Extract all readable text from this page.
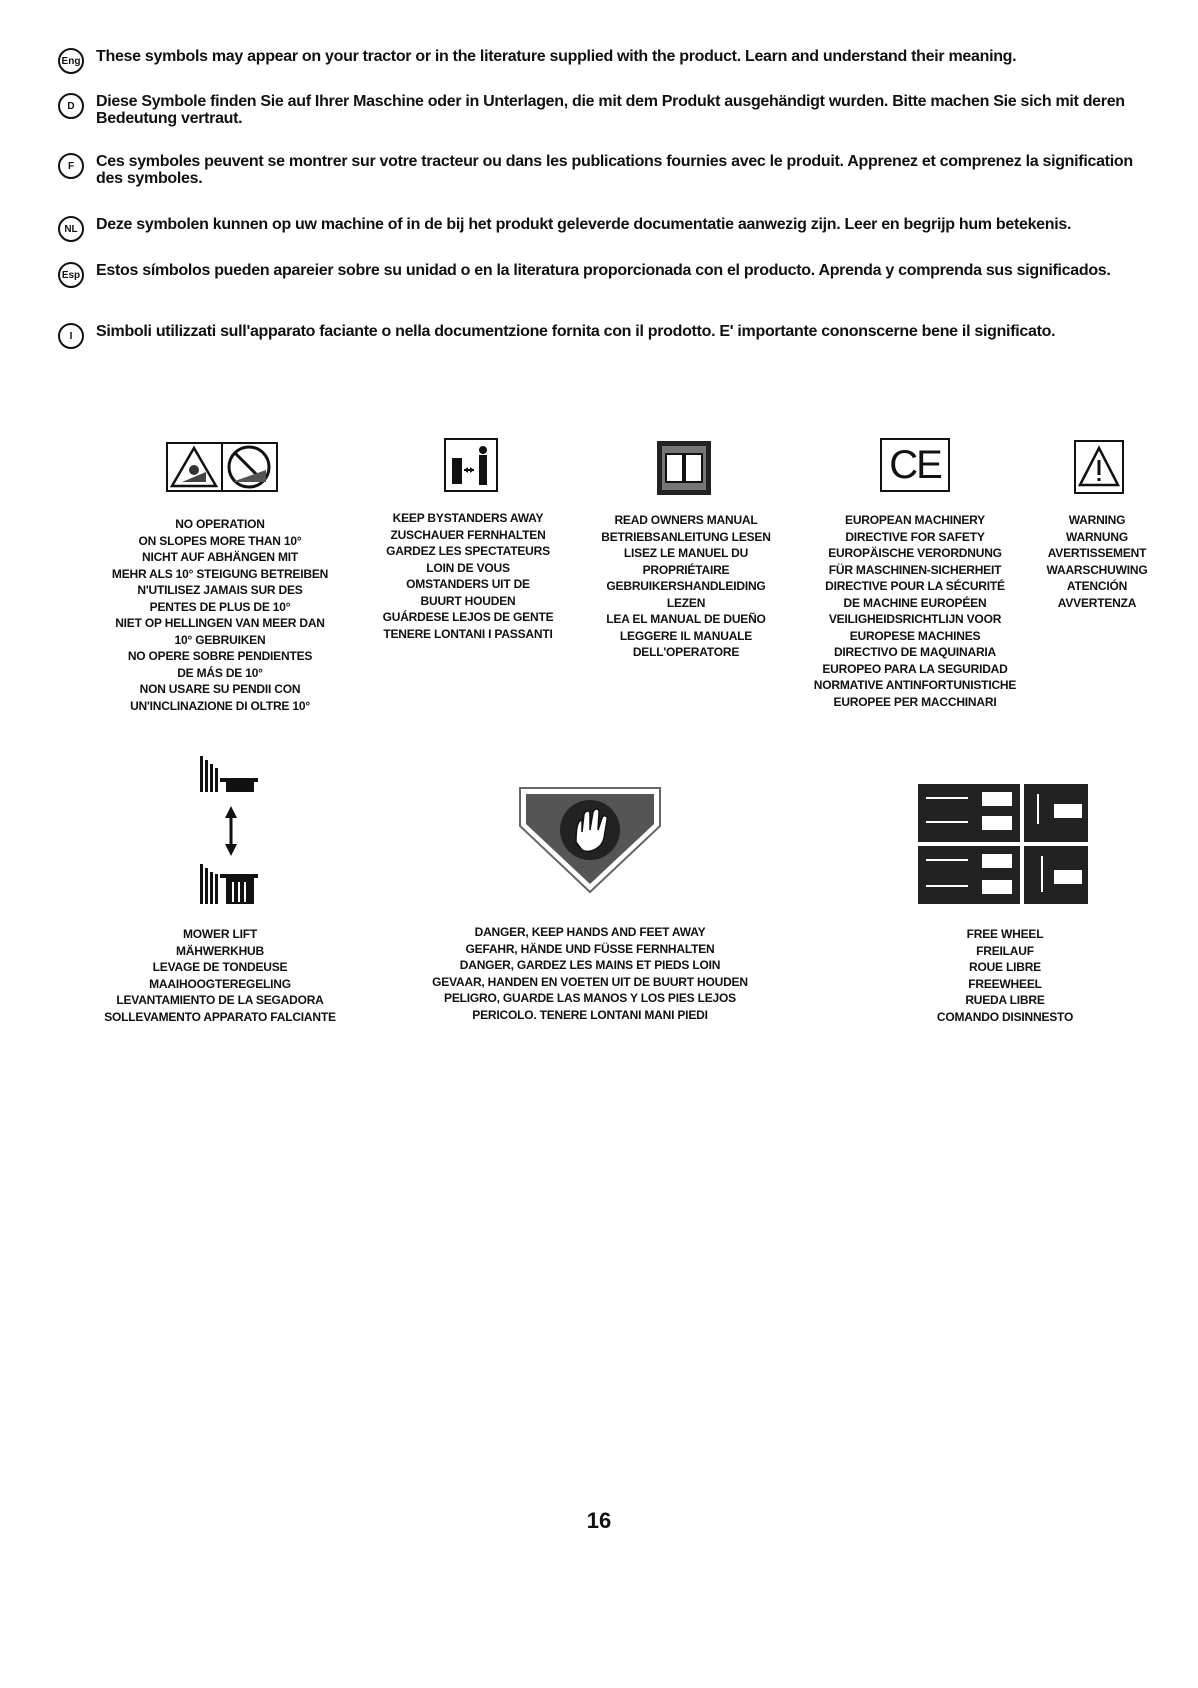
Eng These symbols may appear on your tractor or in the literature supplied with the product. Learn and understand their meaning.
D	Diese Symbole finden Sie auf Ihrer Maschine oder in Unterlagen, die mit dem Produkt ausgehändigt wurden. Bitte machen Sie sich mit deren Bedeutung vertraut.
F	Ces symboles peuvent se montrer sur votre tracteur ou dans les publications fournies avec le produit. Apprenez et comprenez la signification des symboles.
NL	Deze symbolen kunnen op uw machine of in de bij het produkt geleverde documentatie aanwezig zijn. Leer en begrijp hum betekenis.
Esp Estos símbolos pueden apareier sobre su unidad o en la literatura proporcionada con el producto. Aprenda y comprenda sus significados.
I	Simboli utilizzati sull'apparato faciante o nella documentzione fornita con il prodotto. E' importante cononscerne bene il significato.
CE
NO OPERATION
ON SLOPES MORE THAN 10°
NICHT AUF ABHÄNGEN MIT
MEHR ALS 10° STEIGUNG BETREIBEN
N'UTILISEZ JAMAIS SUR DES
PENTES DE PLUS DE 10°
NIET OP HELLINGEN VAN MEER DAN
10° GEBRUIKEN
NO OPERE SOBRE PENDIENTES
DE MÁS DE 10°
NON USARE SU PENDII CON
UN'INCLINAZIONE DI OLTRE 10°
KEEP BYSTANDERS AWAY
ZUSCHAUER FERNHALTEN
GARDEZ LES SPECTATEURS
LOIN DE VOUS
OMSTANDERS UIT DE
BUURT HOUDEN
GUÁRDESE LEJOS DE GENTE
TENERE LONTANI I PASSANTI
READ OWNERS MANUAL
BETRIEBSANLEITUNG LESEN
LISEZ LE MANUEL DU
PROPRIÉTAIRE
GEBRUIKERSHANDLEIDING
LEZEN
LEA EL MANUAL DE DUEÑO
LEGGERE IL MANUALE
DELL'OPERATORE
EUROPEAN MACHINERY
DIRECTIVE FOR SAFETY
EUROPÄISCHE VERORDNUNG
FÜR MASCHINEN-SICHERHEIT
DIRECTIVE POUR LA SÉCURITÉ
DE MACHINE EUROPÉEN
VEILIGHEIDSRICHTLIJN VOOR
EUROPESE MACHINES
DIRECTIVO DE MAQUINARIA
EUROPEO PARA LA SEGURIDAD
NORMATIVE ANTINFORTUNISTICHE
EUROPEE PER MACCHINARI
WARNING
WARNUNG
AVERTISSEMENT
WAARSCHUWING
ATENCIÓN
AVVERTENZA
MOWER LIFT
MÄHWERKHUB
LEVAGE DE TONDEUSE
MAAIHOOGTEREGELING
LEVANTAMIENTO DE LA SEGADORA
SOLLEVAMENTO APPARATO FALCIANTE
DANGER, KEEP HANDS AND FEET AWAY
GEFAHR, HÄNDE UND FÜSSE FERNHALTEN
DANGER, GARDEZ LES MAINS ET PIEDS LOIN
GEVAAR, HANDEN EN VOETEN UIT DE BUURT HOUDEN
PELIGRO, GUARDE LAS MANOS Y LOS PIES LEJOS
PERICOLO. TENERE LONTANI MANI PIEDI
FREE WHEEL
FREILAUF
ROUE LIBRE
FREEWHEEL
RUEDA LIBRE
COMANDO DISINNESTO
16
